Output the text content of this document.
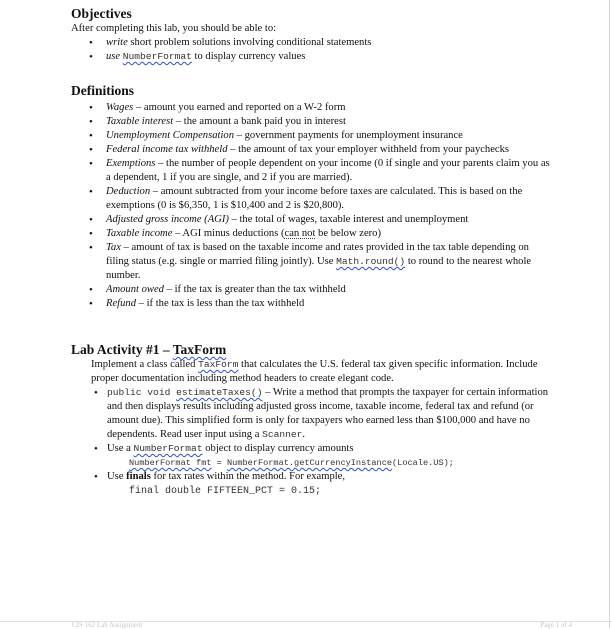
Objectives

After completing this lab, you should be able to:

• write short problem solutions involving conditional statements
• use NumberFormat to display currency values
Definitions
• Wages – amount you earned and reported on a W-2 form
• Taxable interest – the amount a bank paid you in interest
• Unemployment Compensation – government payments for unemployment insurance
• Federal income tax withheld – the amount of tax your employer withheld from your paychecks
• Exemptions – the number of people dependent on your income (0 if single and your parents claim you as a dependent, 1 if you are single, and 2 if you are married).
• Deduction – amount subtracted from your income before taxes are calculated. This is based on the exemptions (0 is $6,350, 1 is $10,400 and 2 is $20,800).
• Adjusted gross income (AGI) – the total of wages, taxable interest and unemployment
• Taxable income – AGI minus deductions (can not be below zero)
• Tax – amount of tax is based on the taxable income and rates provided in the tax table depending on filing status (e.g. single or married filing jointly). Use Math.round() to round to the nearest whole number.
• Amount owed – if the tax is greater than the tax withheld
• Refund – if the tax is less than the tax withheld
Lab Activity #1 – TaxForm

Implement a class called TaxForm that calculates the U.S. federal tax given specific information. Include proper documentation including method headers to create elegant code.

• public void estimateTaxes() – Write a method that prompts the taxpayer for certain information and then displays results including adjusted gross income, taxable income, federal tax and refund (or amount due). This simplified form is only for taxpayers who earned less than $100,000 and have no dependents. Read user input using a Scanner.
• Use a NumberFormat object to display currency amounts
NumberFormat fmt = NumberFormat.getCurrencyInstance(Locale.US);
• Use finals for tax rates within the method. For example,
final double FIFTEEN_PCT = 0.15;
CIS 162 Lab Assignment	Page 1 of 4
